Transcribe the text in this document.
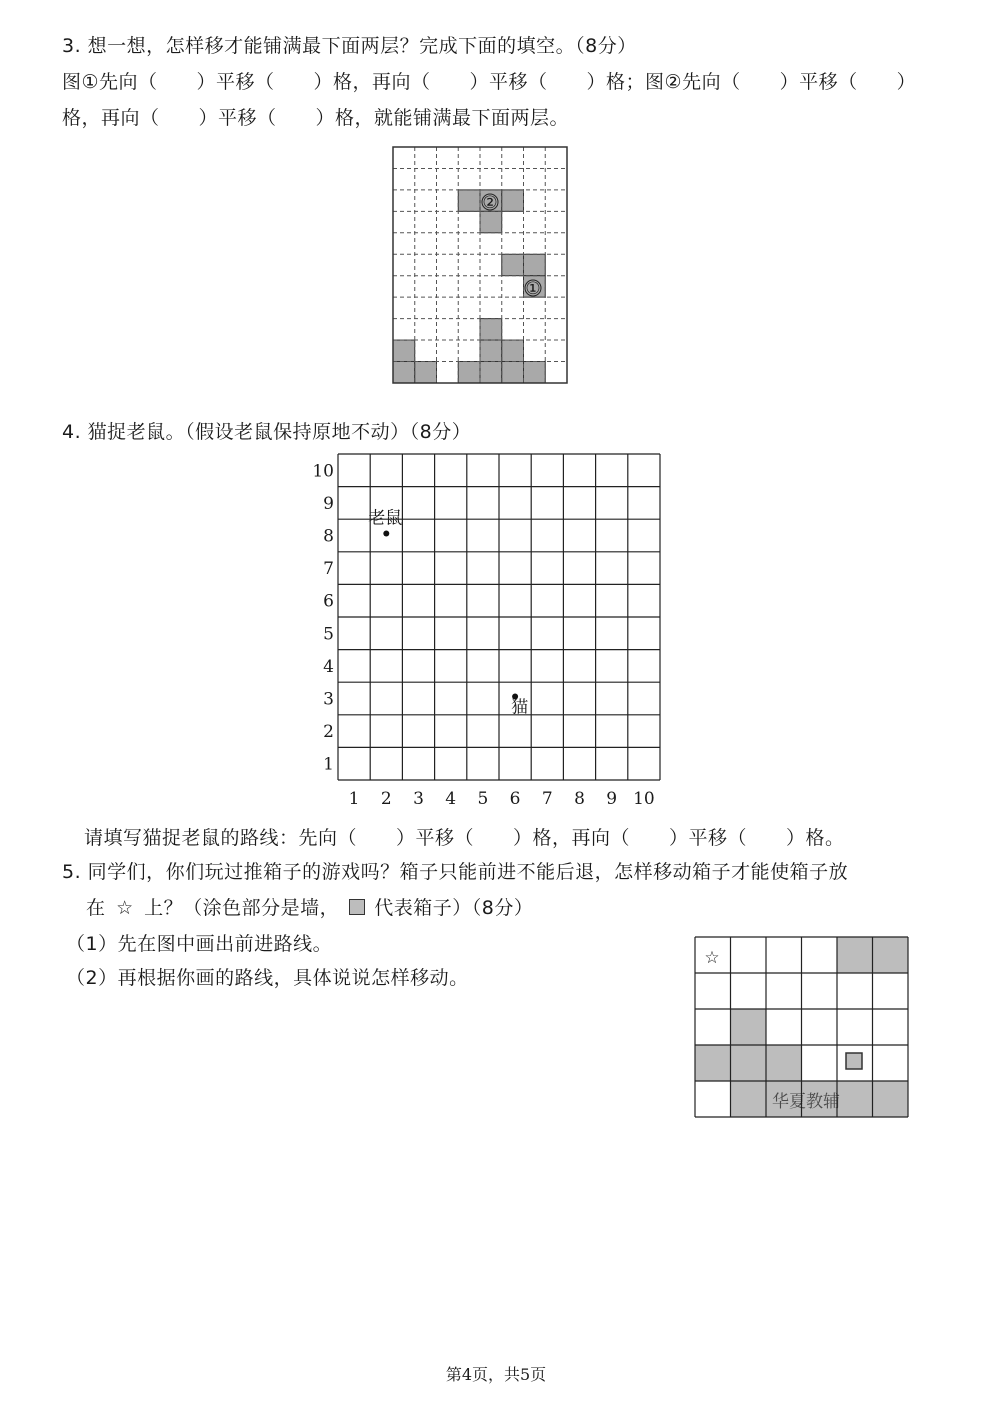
3. 想一想，怎样移才能铺满最下面两层？完成下面的填空。（8分）
图①先向（　　）平移（　　）格，再向（　　）平移（　　）格；图②先向（　　）平移（　　）
格，再向（　　）平移（　　）格，就能铺满最下面两层。
②
①
4. 猫捉老鼠。（假设老鼠保持原地不动）（8分）
10
9
8
7
6
5
4
3
2
1
1 2 3 4 5 6 7 8 9 10
老鼠
猫
请填写猫捉老鼠的路线：先向（　　）平移（　　）格，再向（　　）平移（　　）格。
5. 同学们，你们玩过推箱子的游戏吗？箱子只能前进不能后退，怎样移动箱子才能使箱子放
在 ☆ 上？（涂色部分是墙， 代表箱子）（8分）
（1）先在图中画出前进路线。
（2）再根据你画的路线，具体说说怎样移动。
☆
华夏教辅
第4页，共5页
